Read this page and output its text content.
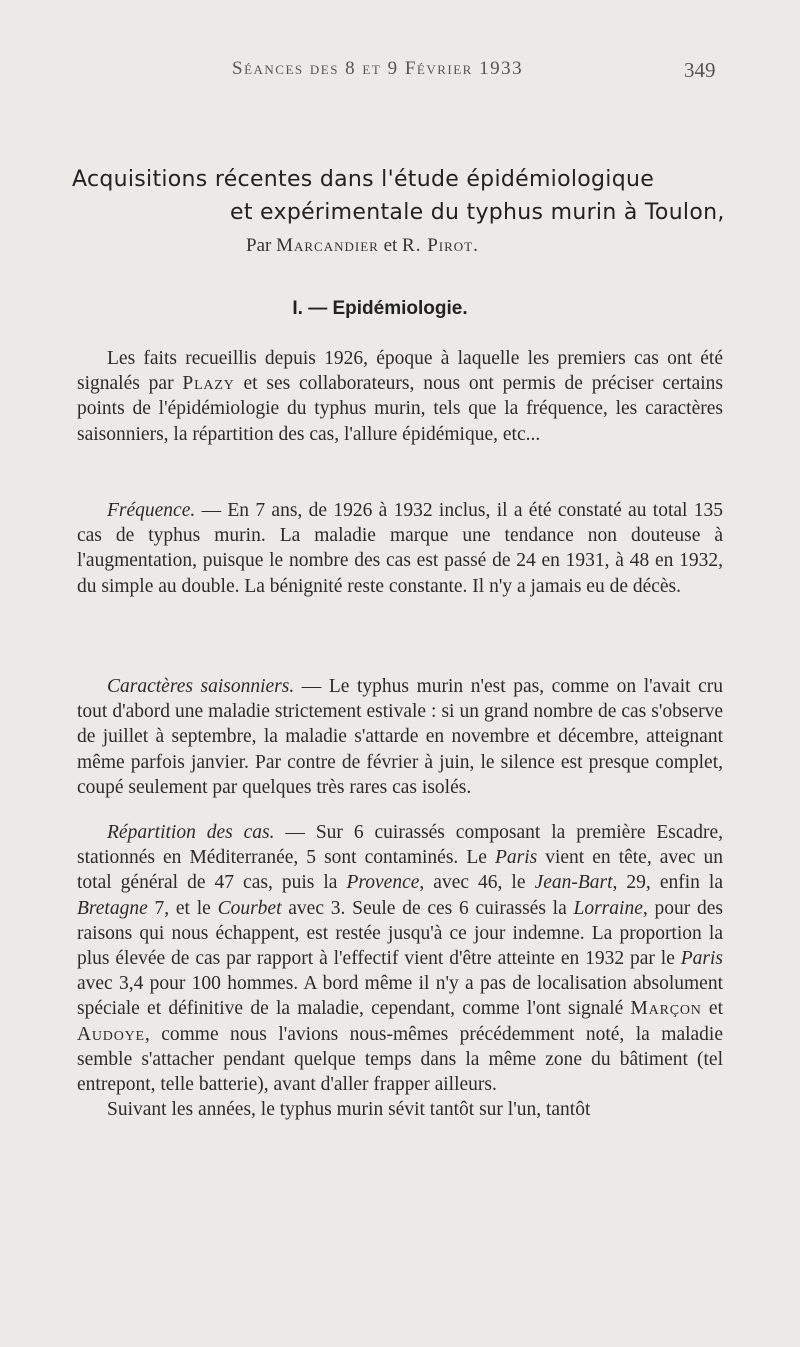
Séances des 8 et 9 Février 1933	349
Acquisitions récentes dans l'étude épidémiologique
et expérimentale du typhus murin à Toulon,
Par Marcandier et R. Pirot.
I. — Epidémiologie.

Les faits recueillis depuis 1926, époque à laquelle les premiers cas ont été signalés par Plazy et ses collaborateurs, nous ont permis de préciser certains points de l'épidémiologie du typhus murin, tels que la fréquence, les caractères saisonniers, la répartition des cas, l'allure épidémique, etc...

Fréquence. — En 7 ans, de 1926 à 1932 inclus, il a été constaté au total 135 cas de typhus murin. La maladie marque une tendance non douteuse à l'augmentation, puisque le nombre des cas est passé de 24 en 1931, à 48 en 1932, du simple au double. La bénignité reste constante. Il n'y a jamais eu de décès.

Caractères saisonniers. — Le typhus murin n'est pas, comme on l'avait cru tout d'abord une maladie strictement estivale : si un grand nombre de cas s'observe de juillet à septembre, la maladie s'attarde en novembre et décembre, atteignant même parfois janvier. Par contre de février à juin, le silence est presque complet, coupé seulement par quelques très rares cas isolés.

Répartition des cas. — Sur 6 cuirassés composant la première Escadre, stationnés en Méditerranée, 5 sont contaminés. Le Paris vient en tête, avec un total général de 47 cas, puis la Provence, avec 46, le Jean-Bart, 29, enfin la Bretagne 7, et le Courbet avec 3. Seule de ces 6 cuirassés la Lorraine, pour des raisons qui nous échappent, est restée jusqu'à ce jour indemne. La proportion la plus élevée de cas par rapport à l'effectif vient d'être atteinte en 1932 par le Paris avec 3,4 pour 100 hommes. A bord même il n'y a pas de localisation absolument spéciale et définitive de la maladie, cependant, comme l'ont signalé Marçon et Audoye, comme nous l'avions nous-mêmes précédemment noté, la maladie semble s'attacher pendant quelque temps dans la même zone du bâtiment (tel entrepont, telle batterie), avant d'aller frapper ailleurs.

Suivant les années, le typhus murin sévit tantôt sur l'un, tantôt
